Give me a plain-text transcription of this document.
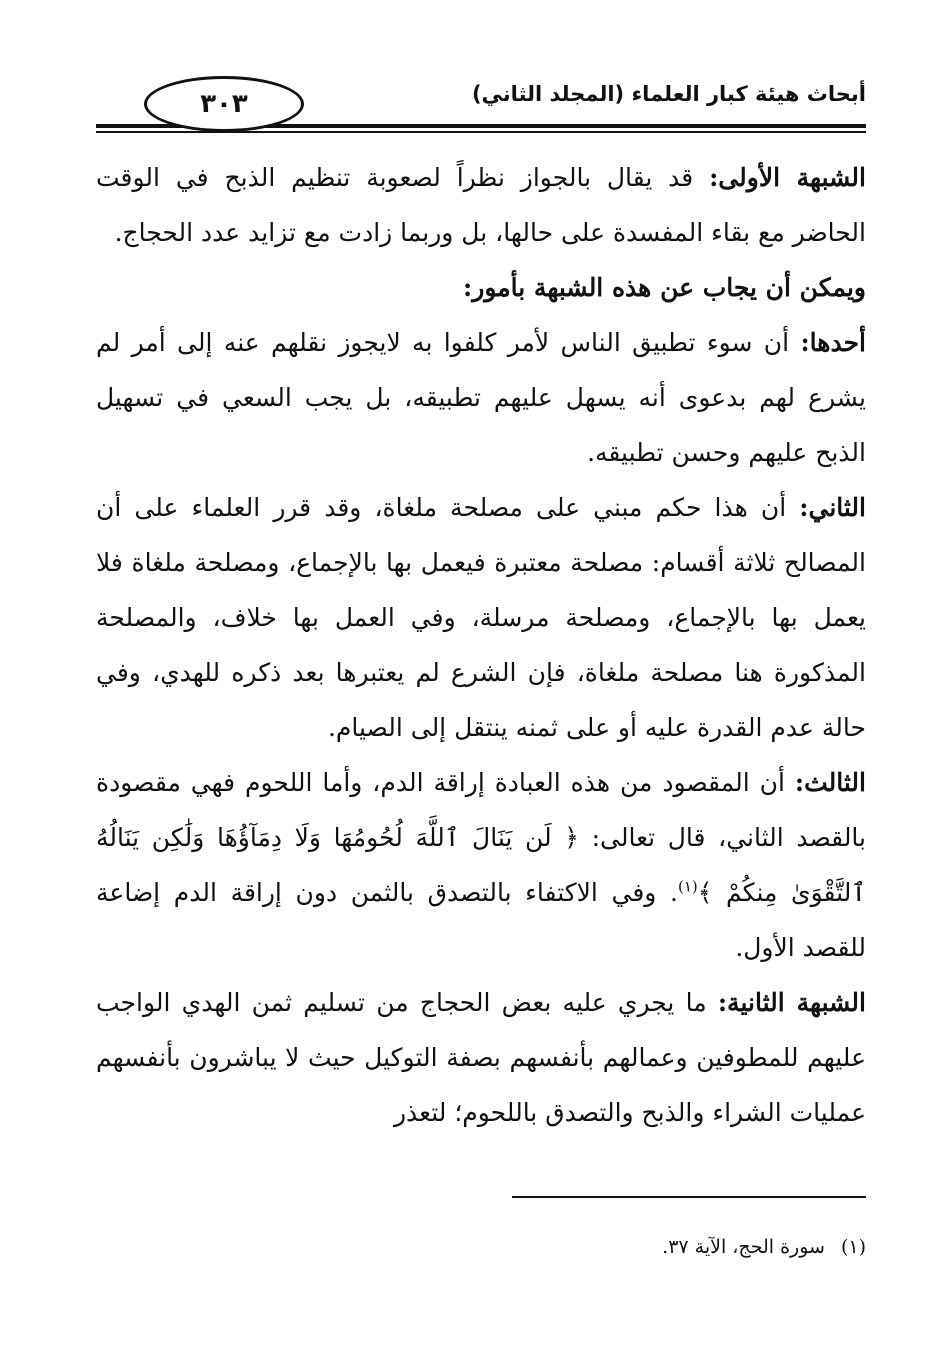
أبحاث هيئة كبار العلماء (المجلد الثاني)
٣٠٣

الشبهة الأولى: قد يقال بالجواز نظراً لصعوبة تنظيم الذبح في الوقت الحاضر مع بقاء المفسدة على حالها، بل وربما زادت مع تزايد عدد الحجاج.

ويمكن أن يجاب عن هذه الشبهة بأمور:

أحدها: أن سوء تطبيق الناس لأمر كلفوا به لايجوز نقلهم عنه إلى أمر لم يشرع لهم بدعوى أنه يسهل عليهم تطبيقه، بل يجب السعي في تسهيل الذبح عليهم وحسن تطبيقه.

الثاني: أن هذا حكم مبني على مصلحة ملغاة، وقد قرر العلماء على أن المصالح ثلاثة أقسام: مصلحة معتبرة فيعمل بها بالإجماع، ومصلحة ملغاة فلا يعمل بها بالإجماع، ومصلحة مرسلة، وفي العمل بها خلاف، والمصلحة المذكورة هنا مصلحة ملغاة، فإن الشرع لم يعتبرها بعد ذكره للهدي، وفي حالة عدم القدرة عليه أو على ثمنه ينتقل إلى الصيام.

الثالث: أن المقصود من هذه العبادة إراقة الدم، وأما اللحوم فهي مقصودة بالقصد الثاني، قال تعالى: ﴿ لَن يَنَالَ ٱللَّهَ لُحُومُهَا وَلَا دِمَآؤُهَا وَلَٰكِن يَنَالُهُ ٱلتَّقْوَىٰ مِنكُمْ ﴾$^{(١)}$. وفي الاكتفاء بالتصدق بالثمن دون إراقة الدم إضاعة للقصد الأول.

الشبهة الثانية: ما يجري عليه بعض الحجاج من تسليم ثمن الهدي الواجب عليهم للمطوفين وعمالهم بأنفسهم بصفة التوكيل حيث لا يباشرون بأنفسهم عمليات الشراء والذبح والتصدق باللحوم؛ لتعذر

(١)سورة الحج، الآية ٣٧.
